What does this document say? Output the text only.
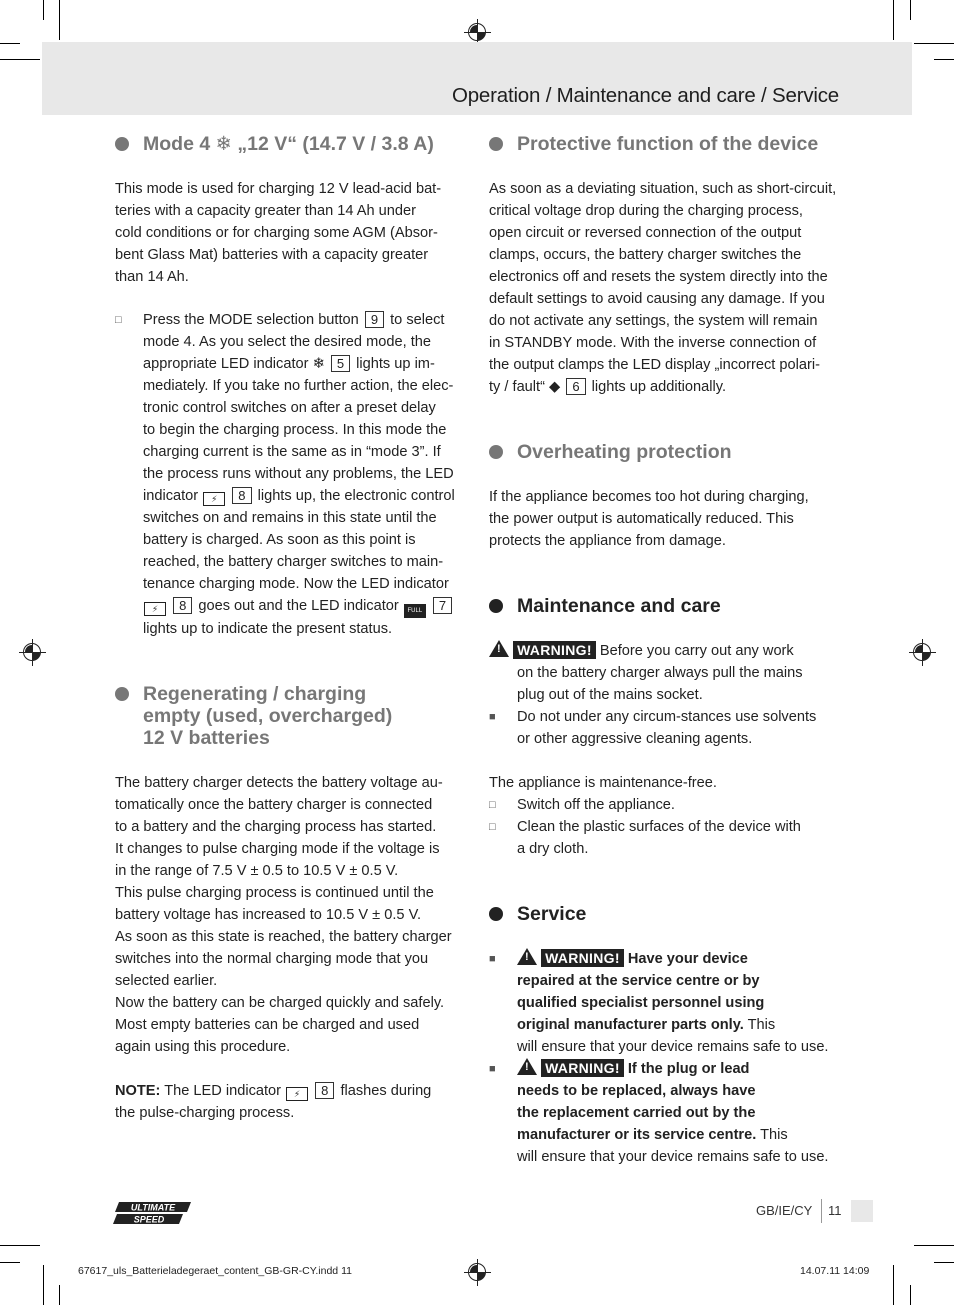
Operation / Maintenance and care / Service
Mode 4 ❄ „12 V“ (14.7 V / 3.8 A)

This mode is used for charging 12 V lead-acid bat-

teries with a capacity greater than 14 Ah under

cold conditions or for charging some AGM (Absor-

bent Glass Mat) batteries with a capacity greater

than 14 Ah.

□ Press the MODE selection button 9 to select

mode 4. As you select the desired mode, the

appropriate LED indicator ❄ 5 lights up im-

mediately. If you take no further action, the elec-

tronic control switches on after a preset delay

to begin the charging process. In this mode the

charging current is the same as in “mode 3”. If

the process runs without any problems, the LED

indicator ⚡ 8 lights up, the electronic control

switches on and remains in this state until the

battery is charged. As soon as this point is

reached, the battery charger switches to main-

tenance charging mode. Now the LED indicator

⚡ 8 goes out and the LED indicator FULL 7

lights up to indicate the present status.

Regenerating / charging
empty (used, overcharged)
12 V batteries

The battery charger detects the battery voltage au-

tomatically once the battery charger is connected

to a battery and the charging process has started.

It changes to pulse charging mode if the voltage is

in the range of 7.5 V ± 0.5 to 10.5 V ± 0.5 V.

This pulse charging process is continued until the

battery voltage has increased to 10.5 V ± 0.5 V.

As soon as this state is reached, the battery charger

switches into the normal charging mode that you

selected earlier.

Now the battery can be charged quickly and safely.

Most empty batteries can be charged and used

again using this procedure.

NOTE: The LED indicator ⚡ 8 flashes during

the pulse-charging process.

Protective function of the device

As soon as a deviating situation, such as short-circuit,

critical voltage drop during the charging process,

open circuit or reversed connection of the output

clamps, occurs, the battery charger switches the

electronics off and resets the system directly into the

default settings to avoid causing any damage. If you

do not activate any settings, the system will remain

in STANDBY mode. With the inverse connection of

the output clamps the LED display „incorrect polari-

ty / fault“ ◆ 6 lights up additionally.

Overheating protection

If the appliance becomes too hot during charging,

the power output is automatically reduced. This

protects the appliance from damage.

Maintenance and care

! WARNING! Before you carry out any work

on the battery charger always pull the mains

plug out of the mains socket.

■ Do not under any circum-stances use solvents

or other aggressive cleaning agents.

The appliance is maintenance-free.

□ Switch off the appliance.

□ Clean the plastic surfaces of the device with

a dry cloth.

Service
■ !	WARNING! Have your device

repaired at the service centre or by

qualified specialist personnel using

original manufacturer parts only. This

will ensure that your device remains safe to use.

■ !	WARNING! If the plug or lead

needs to be replaced, always have

the replacement carried out by the

manufacturer or its service centre. This

will ensure that your device remains safe to use.

ULTIMATE
SPEED
GB/IE/CY 11
67617_uls_Batterieladegeraet_content_GB-GR-CY.indd 11	14.07.11 14:09
